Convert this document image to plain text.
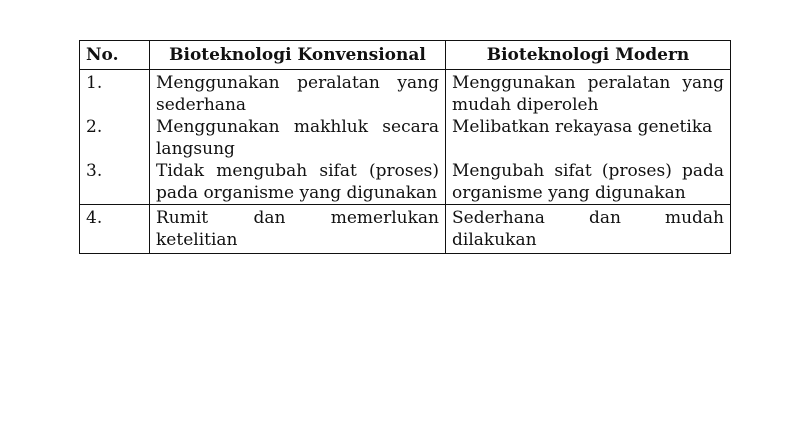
No.	Bioteknologi Konvensional	Bioteknologi Modern
1.	Menggunakan peralatan yang sederhana	Menggunakan peralatan yang mudah diperoleh
2.	Menggunakan makhluk secara langsung	Melibatkan rekayasa genetika
3.	Tidak mengubah sifat (proses) pada organisme yang digunakan	Mengubah sifat (proses) pada organisme yang digunakan
4.	Rumit dan memerlukan ketelitian	Sederhana dan mudah dilakukan
